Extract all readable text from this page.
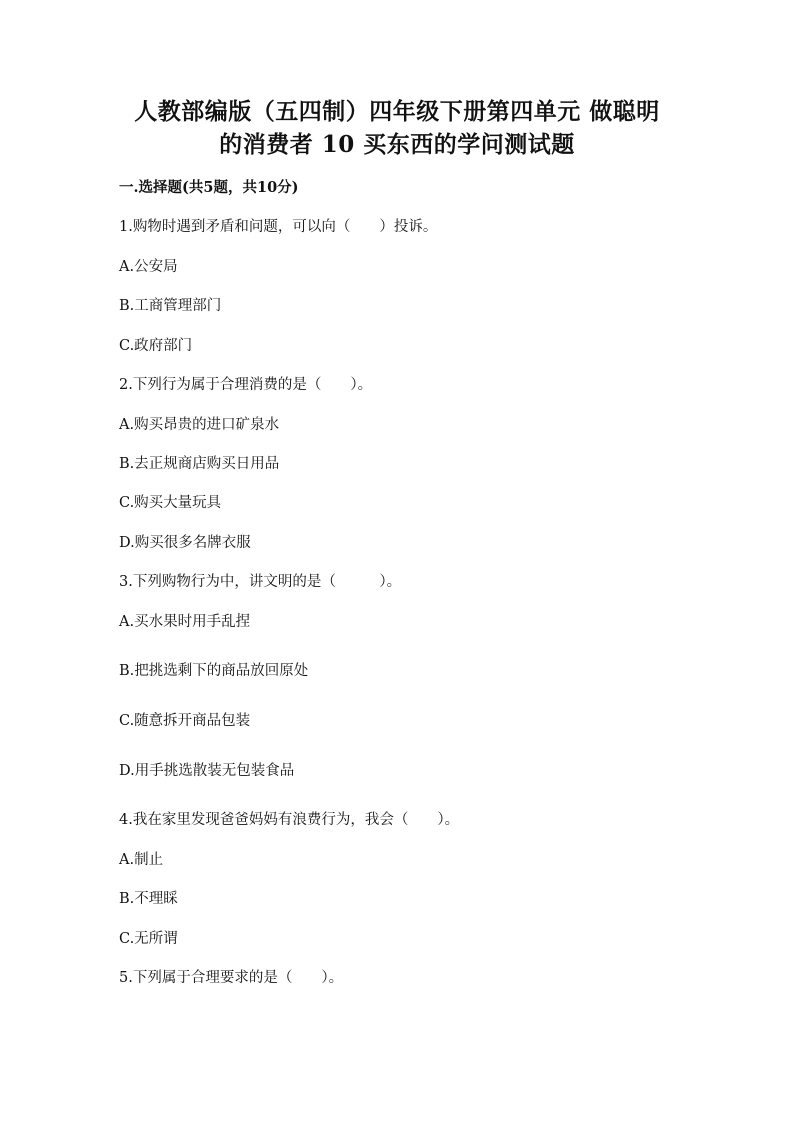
人教部编版（五四制）四年级下册第四单元 做聪明
的消费者 10 买东西的学问测试题
一.选择题(共5题，共10分)
1.购物时遇到矛盾和问题，可以向（　　）投诉。
A.公安局
B.工商管理部门
C.政府部门
2.下列行为属于合理消费的是（　　）。
A.购买昂贵的进口矿泉水
B.去正规商店购买日用品
C.购买大量玩具
D.购买很多名牌衣服
3.下列购物行为中，讲文明的是（　　　）。
A.买水果时用手乱捏
B.把挑选剩下的商品放回原处
C.随意拆开商品包装
D.用手挑选散装无包装食品
4.我在家里发现爸爸妈妈有浪费行为，我会（　　）。
A.制止
B.不理睬
C.无所谓
5.下列属于合理要求的是（　　）。
